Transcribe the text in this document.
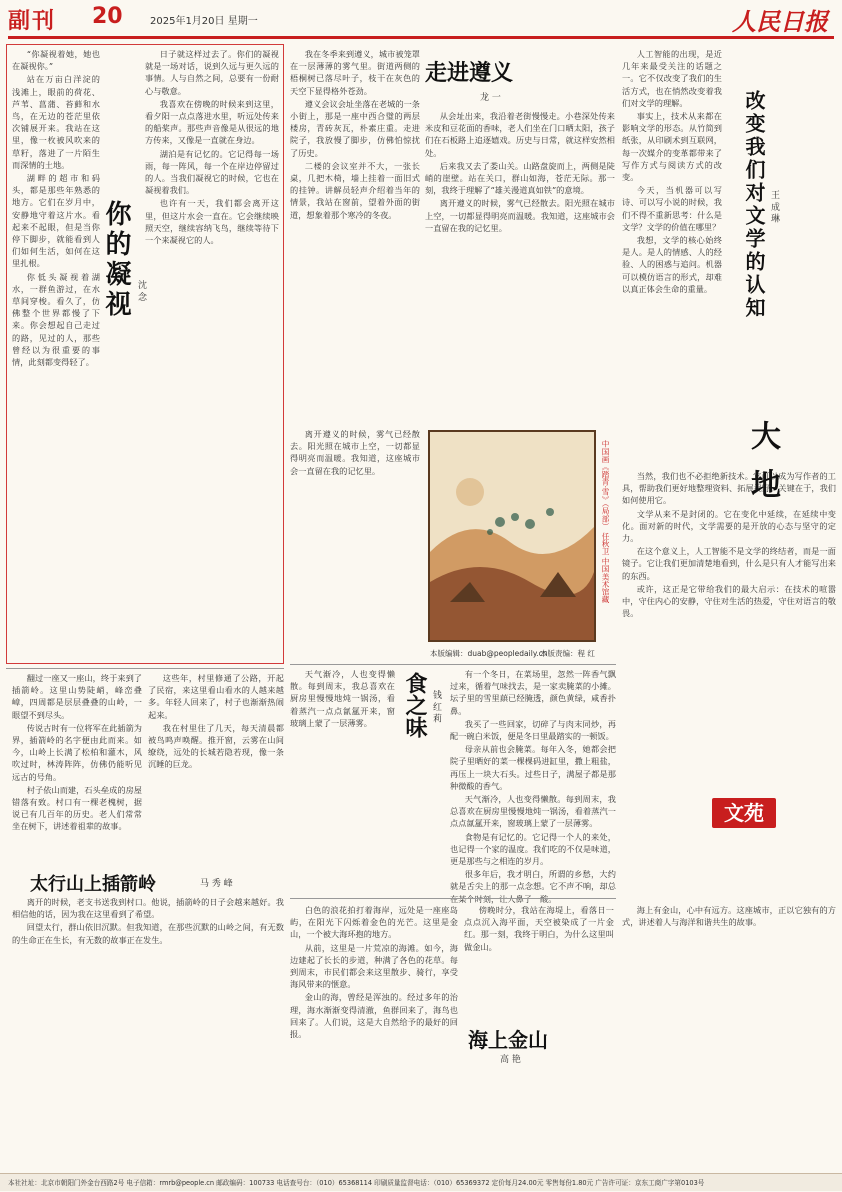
副刊 20	2025年1月20日 星期一	人民日报

“你凝视着她，她也在凝视你。”

站在万亩白洋淀的浅滩上，眼前的荷花、芦苇、菖蒲、苔藓和水鸟，在无边的苍茫里依次铺展开来。我站在这里，像一枚被风吹来的草籽，落进了一片陌生而深情的土地。

湖畔的超市和码头，都是那些年熟悉的地方。它们在岁月中，安静地守着这片水。看起来不起眼，但是当你停下脚步，就能看到人们如何生活，如何在这里扎根。

你低头凝视着湖水，一群鱼游过，在水草间穿梭。看久了，仿佛整个世界都慢了下来。你会想起自己走过的路，见过的人，那些曾经以为很重要的事情，此刻都变得轻了。

你的凝视 沈 念

日子就这样过去了。你们的凝视就是一场对话，说到久远与更久远的事情。人与自然之间，总要有一份耐心与敬意。

我喜欢在傍晚的时候来到这里，看夕阳一点点落进水里，听远处传来的船桨声。那些声音像是从很远的地方传来，又像是一直就在身边。

湖泊是有记忆的。它记得每一场雨，每一阵风，每一个在岸边停留过的人。当我们凝视它的时候，它也在凝视着我们。

也许有一天，我们都会离开这里，但这片水会一直在。它会继续映照天空，继续容纳飞鸟，继续等待下一个来凝视它的人。

我在冬季来到遵义，城市被笼罩在一层薄薄的雾气里。街道两侧的梧桐树已落尽叶子，枝干在灰色的天空下显得格外苍劲。

遵义会议会址坐落在老城的一条小街上，那是一座中西合璧的两层楼房，青砖灰瓦，朴素庄重。走进院子，我放慢了脚步，仿佛怕惊扰了历史。

二楼的会议室并不大，一张长桌，几把木椅，墙上挂着一面旧式的挂钟。讲解员轻声介绍着当年的情景，我站在窗前，望着外面的街道，想象着那个寒冷的冬夜。

走进遵义
龙 一

从会址出来，我沿着老街慢慢走。小巷深处传来米皮和豆花面的香味，老人们坐在门口晒太阳，孩子们在石板路上追逐嬉戏。历史与日常，就这样安然相处。

后来我又去了娄山关。山路盘旋而上，两侧是陡峭的崖壁。站在关口，群山如海，苍茫无际。那一刻，我终于理解了“雄关漫道真如铁”的意境。

离开遵义的时候，雾气已经散去。阳光照在城市上空，一切都显得明亮而温暖。我知道，这座城市会一直留在我的记忆里。

离开遵义的时候，雾气已经散去。阳光照在城市上空，一切都显得明亮而温暖。我知道，这座城市会一直留在我的记忆里。	中国画《踏青·雪》（局部） 任秋卫 中国美术馆藏
本版编辑：duab@peopledaily.cn
本版责编：程 红

人工智能的出现，是近几年来最受关注的话题之一。它不仅改变了我们的生活方式，也在悄然改变着我们对文学的理解。

事实上，技术从来都在影响文学的形态。从竹简到纸张，从印刷术到互联网，每一次媒介的变革都带来了写作方式与阅读方式的改变。

今天，当机器可以写诗、可以写小说的时候，我们不得不重新思考：什么是文学？文学的价值在哪里？

我想，文学的核心始终是人。是人的情感、人的经验、人的困惑与追问。机器可以模仿语言的形式，却难以真正体会生命的重量。	改变我们对文学的认知 王 成 琳

当然，我们也不必拒绝新技术。它可以成为写作者的工具，帮助我们更好地整理资料、拓展视野。关键在于，我们如何使用它。

文学从来不是封闭的。它在变化中延续，在延续中变化。面对新的时代，文学需要的是开放的心态与坚守的定力。

在这个意义上，人工智能不是文学的终结者，而是一面镜子。它让我们更加清楚地看到，什么是只有人才能写出来的东西。

或许，这正是它带给我们的最大启示：在技术的喧嚣中，守住内心的安静，守住对生活的热爱，守住对语言的敬畏。

大 地
食之味 钱 红 莉

有一个冬日，在菜场里，忽然一阵香气飘过来，循着气味找去，是一家卖腌菜的小摊。坛子里的雪里蕻已经腌透，颜色黄绿，咸香扑鼻。

我买了一些回家，切碎了与肉末同炒，再配一碗白米饭，便是冬日里最踏实的一顿饭。

母亲从前也会腌菜。每年入冬，她都会把院子里晒好的菜一棵棵码进缸里，撒上粗盐，再压上一块大石头。过些日子，满屋子都是那种微酸的香气。

天气渐冷，人也变得懒散。每到周末，我总喜欢在厨房里慢慢地炖一锅汤，看着蒸汽一点点氤氲开来，窗玻璃上蒙了一层薄雾。

食物是有记忆的。它记得一个人的来处，也记得一个家的温度。我们吃的不仅是味道，更是那些与之相连的岁月。

很多年后，我才明白，所谓的乡愁，大约就是舌尖上的那一点念想。它不声不响，却总

天气渐冷，人也变得懒散。每到周末，我总喜欢在厨房里慢慢地炖一锅汤，看着蒸汽一点点氤氲开来，窗玻璃上蒙了一层薄雾。

文苑

翻过一座又一座山，终于来到了插箭岭。这里山势陡峭，峰峦叠嶂，四周都是层层叠叠的山岭，一眼望不到尽头。

传说古时有一位将军在此插箭为界，插箭岭的名字便由此而来。如今，山岭上长满了松柏和灌木，风吹过时，林涛阵阵，仿佛仍能听见远古的号角。

村子依山而建，石头垒成的房屋错落有致。村口有一棵老槐树，据说已有几百年的历史。老人们常常坐在树下，讲述着祖辈的故事。

这些年，村里修通了公路，开起了民宿，来这里看山看水的人越来越多。年轻人回来了，村子也渐渐热闹起来。

我在村里住了几天，每天清晨都被鸟鸣声唤醒。推开窗，云雾在山间缭绕，远处的长城若隐若现，像一条沉睡的巨龙。

太行山上插箭岭	马 秀 峰

离开的时候，老支书送我到村口。他说，插箭岭的日子会越来越好。我相信他的话，因为我在这里看到了希望。

回望太行，群山依旧沉默。但我知道，在那些沉默的山岭之间，有无数的生命正在生长，有无数的故事正在发生。

白色的浪花拍打着海岸，远处是一座座岛屿，在阳光下闪烁着金色的光芒。这里是金山，一个被大海环抱的地方。

从前，这里是一片荒凉的海滩。如今，海边建起了长长的步道，种满了各色的花草。每到周末，市民们都会来这里散步、骑行，享受海风带来的惬意。

金山的海，曾经是浑浊的。经过多年的治理，海水渐渐变得清澈，鱼群回来了，海鸟也回来了。人们说，这是大自然给予的最好的回报。	海上金山
高 艳

傍晚时分，我站在海堤上，看落日一点点沉入海平面，天空被染成了一片金红。那一刻，我终于明白，为什么这里叫做金山。

海上有金山，心中有远方。这座城市，正以它独有的方式，讲述着人与海洋和谐共生的故事。

本社社址：北京市朝阳门外金台西路2号 电子信箱：rmrb@people.cn 邮政编码：100733 电话查号台：（010）65368114 印刷质量监督电话：（010）65369372 定价每月24.00元 零售每份1.80元 广告许可证：京东工商广字第0103号
